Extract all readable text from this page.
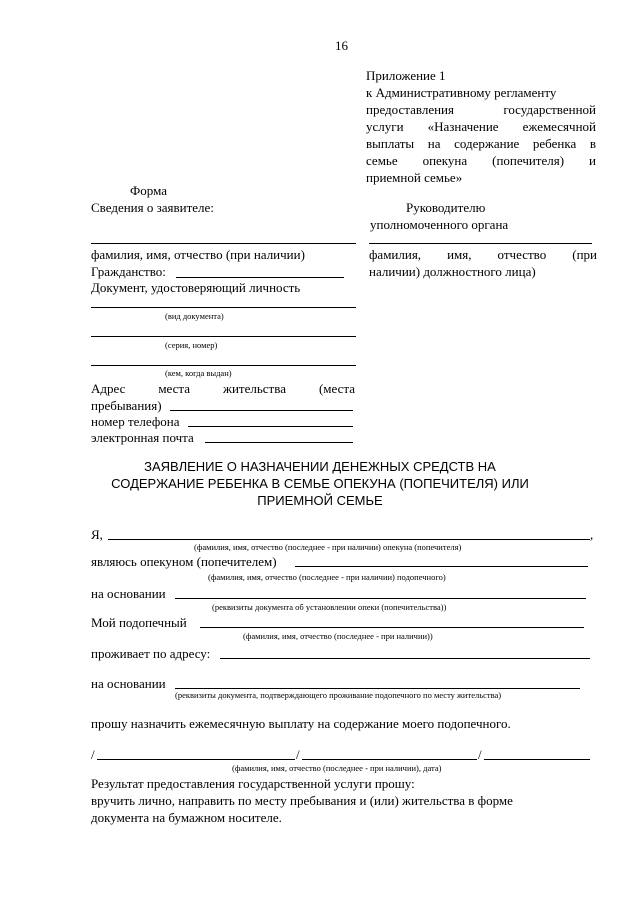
16
Приложение 1
к Административному регламенту
предоставления	государственной
услуги «Назначение ежемесячной
выплаты на содержание ребенка в
семье опекуна (попечителя) и
приемной семье»
Форма
Сведения о заявителе:	Руководителю
уполномоченного органа
фамилия, имя, отчество (при наличии)
Гражданство:
Документ, удостоверяющий личность
(вид документа)
(серия, номер)
(кем, когда выдан)
Адрес	места	жительства	(места
пребывания)
номер телефона
электронная почта
фамилия, имя, отчество (при
наличии) должностного лица)
ЗАЯВЛЕНИЕ О НАЗНАЧЕНИИ ДЕНЕЖНЫХ СРЕДСТВ НА
СОДЕРЖАНИЕ РЕБЕНКА В СЕМЬЕ ОПЕКУНА (ПОПЕЧИТЕЛЯ) ИЛИ
ПРИЕМНОЙ СЕМЬЕ
Я,	,
(фамилия, имя, отчество (последнее - при наличии) опекуна (попечителя)
являюсь опекуном (попечителем)
(фамилия, имя, отчество (последнее - при наличии) подопечного)
на основании
(реквизиты документа об установлении опеки (попечительства))
Мой подопечный
(фамилия, имя, отчество (последнее - при наличии))
проживает по адресу:
на основании
(реквизиты документа, подтверждающего проживание подопечного по месту жительства)
прошу назначить ежемесячную выплату на содержание моего подопечного.
/	/	/
(фамилия, имя, отчество (последнее - при наличии), дата)
Результат предоставления государственной услуги прошу:
вручить лично, направить по месту пребывания и (или) жительства в форме
документа на бумажном носителе.
